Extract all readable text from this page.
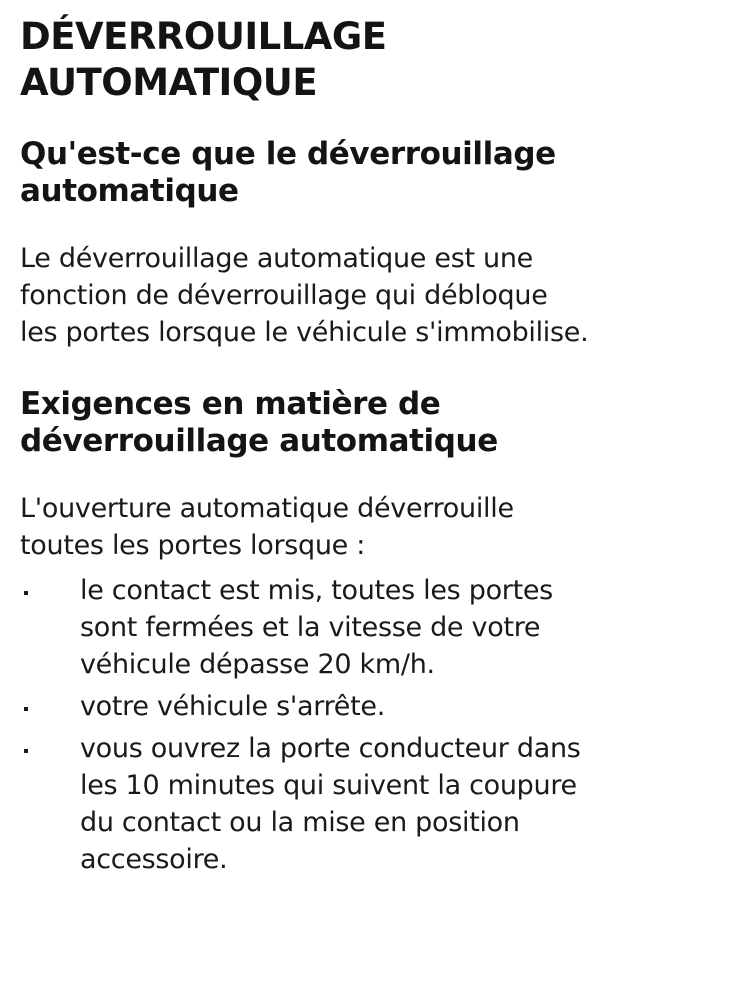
DÉVERROUILLAGE
AUTOMATIQUE
Qu'est-ce que le déverrouillage
automatique

Le déverrouillage automatique est une
fonction de déverrouillage qui débloque
les portes lorsque le véhicule s'immobilise.

Exigences en matière de
déverrouillage automatique

L'ouverture automatique déverrouille
toutes les portes lorsque :

le contact est mis, toutes les portes
sont fermées et la vitesse de votre
véhicule dépasse 20 km/h.
votre véhicule s'arrête.
vous ouvrez la porte conducteur dans
les 10 minutes qui suivent la coupure
du contact ou la mise en position
accessoire.
